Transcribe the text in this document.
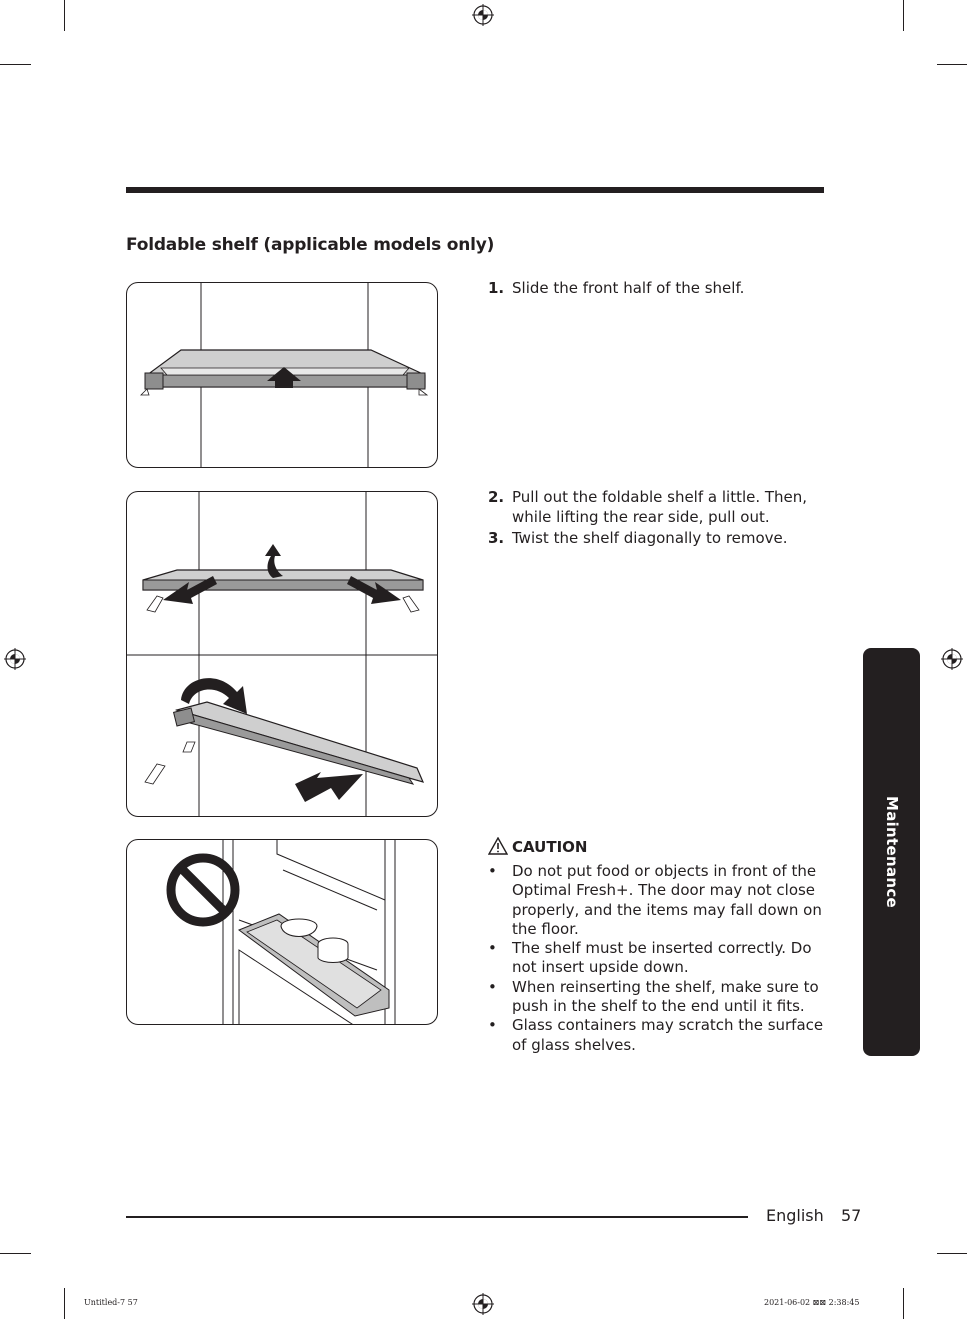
Foldable shelf (applicable models only)
1. Slide the front half of the shelf.
2. Pull out the foldable shelf a little. Then, while lifting the rear side, pull out.
3. Twist the shelf diagonally to remove.
CAUTION
• Do not put food or objects in front of the Optimal Fresh+. The door may not close properly, and the items may fall down on the floor.
• The shelf must be inserted correctly. Do not insert upside down.
• When reinserting the shelf, make sure to push in the shelf to the end until it fits.
• Glass containers may scratch the surface of glass shelves.
Maintenance
English 57
Untitled-7 57	2021-06-02 ⊠⊠ 2:38:45
